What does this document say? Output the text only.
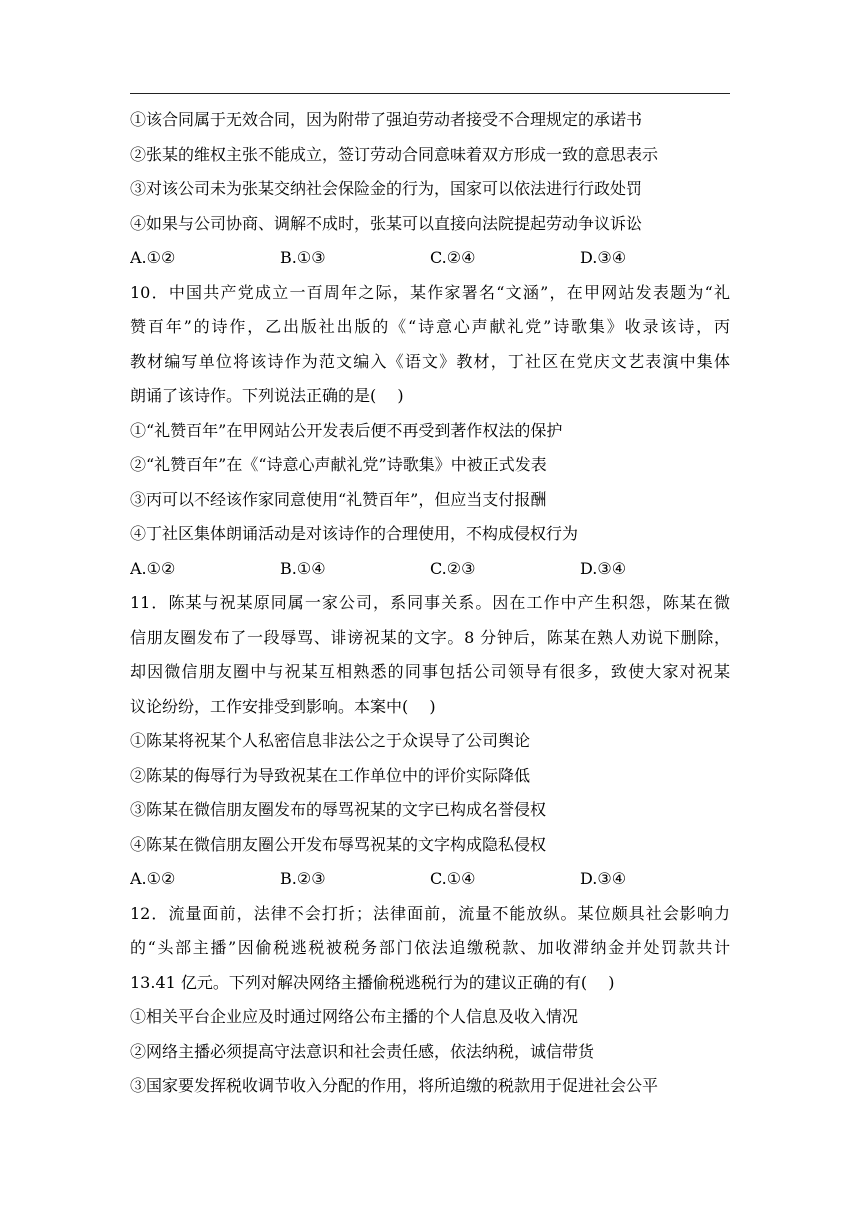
①该合同属于无效合同，因为附带了强迫劳动者接受不合理规定的承诺书
②张某的维权主张不能成立，签订劳动合同意味着双方形成一致的意思表示
③对该公司未为张某交纳社会保险金的行为，国家可以依法进行行政处罚
④如果与公司协商、调解不成时，张某可以直接向法院提起劳动争议诉讼
A.①②	B.①③	C.②④	D.③④
10．中国共产党成立一百周年之际，某作家署名“文涵”，在甲网站发表题为“礼
赞百年”的诗作，乙出版社出版的《“诗意心声献礼党”诗歌集》收录该诗，丙
教材编写单位将该诗作为范文编入《语文》教材，丁社区在党庆文艺表演中集体
朗诵了该诗作。下列说法正确的是(　 )
①“礼赞百年”在甲网站公开发表后便不再受到著作权法的保护
②“礼赞百年”在《“诗意心声献礼党”诗歌集》中被正式发表
③丙可以不经该作家同意使用“礼赞百年”，但应当支付报酬
④丁社区集体朗诵活动是对该诗作的合理使用，不构成侵权行为
A.①②	B.①④	C.②③	D.③④
11．陈某与祝某原同属一家公司，系同事关系。因在工作中产生积怨，陈某在微
信朋友圈发布了一段辱骂、诽谤祝某的文字。8 分钟后，陈某在熟人劝说下删除，
却因微信朋友圈中与祝某互相熟悉的同事包括公司领导有很多，致使大家对祝某
议论纷纷，工作安排受到影响。本案中(　 )
①陈某将祝某个人私密信息非法公之于众误导了公司舆论
②陈某的侮辱行为导致祝某在工作单位中的评价实际降低
③陈某在微信朋友圈发布的辱骂祝某的文字已构成名誉侵权
④陈某在微信朋友圈公开发布辱骂祝某的文字构成隐私侵权
A.①②	B.②③	C.①④	D.③④
12．流量面前，法律不会打折；法律面前，流量不能放纵。某位颇具社会影响力
的“头部主播”因偷税逃税被税务部门依法追缴税款、加收滞纳金并处罚款共计
13.41 亿元。下列对解决网络主播偷税逃税行为的建议正确的有(　 )
①相关平台企业应及时通过网络公布主播的个人信息及收入情况
②网络主播必须提高守法意识和社会责任感，依法纳税，诚信带货
③国家要发挥税收调节收入分配的作用，将所追缴的税款用于促进社会公平
